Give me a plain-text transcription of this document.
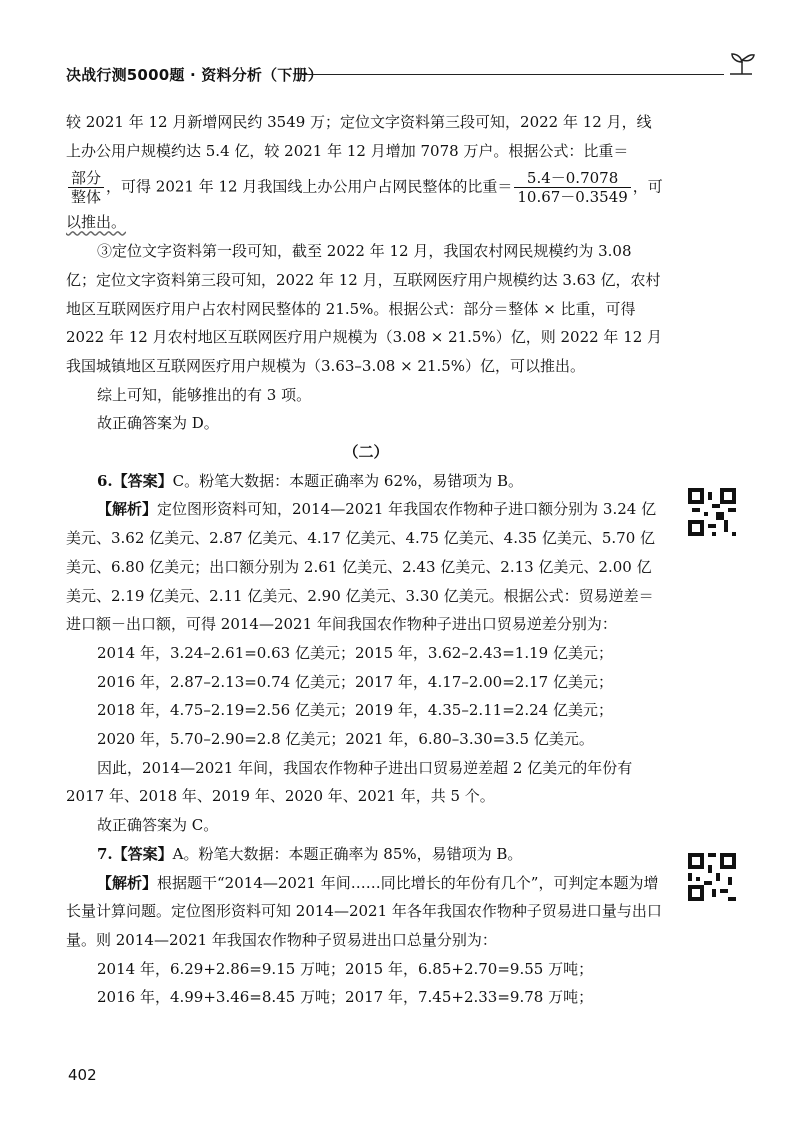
决战行测5000题 · 资料分析（下册）

较 2021 年 12 月新增网民约 3549 万；定位文字资料第三段可知，2022 年 12 月，线上办公用户规模约达 5.4 亿，较 2021 年 12 月增加 7078 万户。根据公式：比重＝

$\frac{\text{部分}}{\text{整体}}$ ，可得 2021 年 12 月我国线上办公用户占网民整体的比重＝ $\frac{5.4-0.7078}{10.67-0.3549}$ ，可

以推出。

③定位文字资料第一段可知，截至 2022 年 12 月，我国农村网民规模约为 3.08 亿；定位文字资料第三段可知，2022 年 12 月，互联网医疗用户规模约达 3.63 亿，农村地区互联网医疗用户占农村网民整体的 21.5%。根据公式：部分＝整体 × 比重，可得 2022 年 12 月农村地区互联网医疗用户规模为（3.08 × 21.5%）亿，则 2022 年 12 月我国城镇地区互联网医疗用户规模为（3.63–3.08 × 21.5%）亿，可以推出。

综上可知，能够推出的有 3 项。

故正确答案为 D。

（二）

6.【答案】C。粉笔大数据：本题正确率为 62%，易错项为 B。

【解析】定位图形资料可知，2014—2021 年我国农作物种子进口额分别为 3.24 亿美元、3.62 亿美元、2.87 亿美元、4.17 亿美元、4.75 亿美元、4.35 亿美元、5.70 亿美元、6.80 亿美元；出口额分别为 2.61 亿美元、2.43 亿美元、2.13 亿美元、2.00 亿美元、2.19 亿美元、2.11 亿美元、2.90 亿美元、3.30 亿美元。根据公式：贸易逆差＝进口额－出口额，可得 2014—2021 年间我国农作物种子进出口贸易逆差分别为：

2014 年，3.24–2.61=0.63 亿美元；2015 年，3.62–2.43=1.19 亿美元；

2016 年，2.87–2.13=0.74 亿美元；2017 年，4.17–2.00=2.17 亿美元；

2018 年，4.75–2.19=2.56 亿美元；2019 年，4.35–2.11=2.24 亿美元；

2020 年，5.70–2.90=2.8 亿美元；2021 年，6.80–3.30=3.5 亿美元。

因此，2014—2021 年间，我国农作物种子进出口贸易逆差超 2 亿美元的年份有 2017 年、2018 年、2019 年、2020 年、2021 年，共 5 个。

故正确答案为 C。

7.【答案】A。粉笔大数据：本题正确率为 85%，易错项为 B。

【解析】根据题干“2014—2021 年间……同比增长的年份有几个”，可判定本题为增长量计算问题。定位图形资料可知 2014—2021 年各年我国农作物种子贸易进口量与出口量。则 2014—2021 年我国农作物种子贸易进出口总量分别为：

2014 年，6.29+2.86=9.15 万吨；2015 年，6.85+2.70=9.55 万吨；

2016 年，4.99+3.46=8.45 万吨；2017 年，7.45+2.33=9.78 万吨；

402
